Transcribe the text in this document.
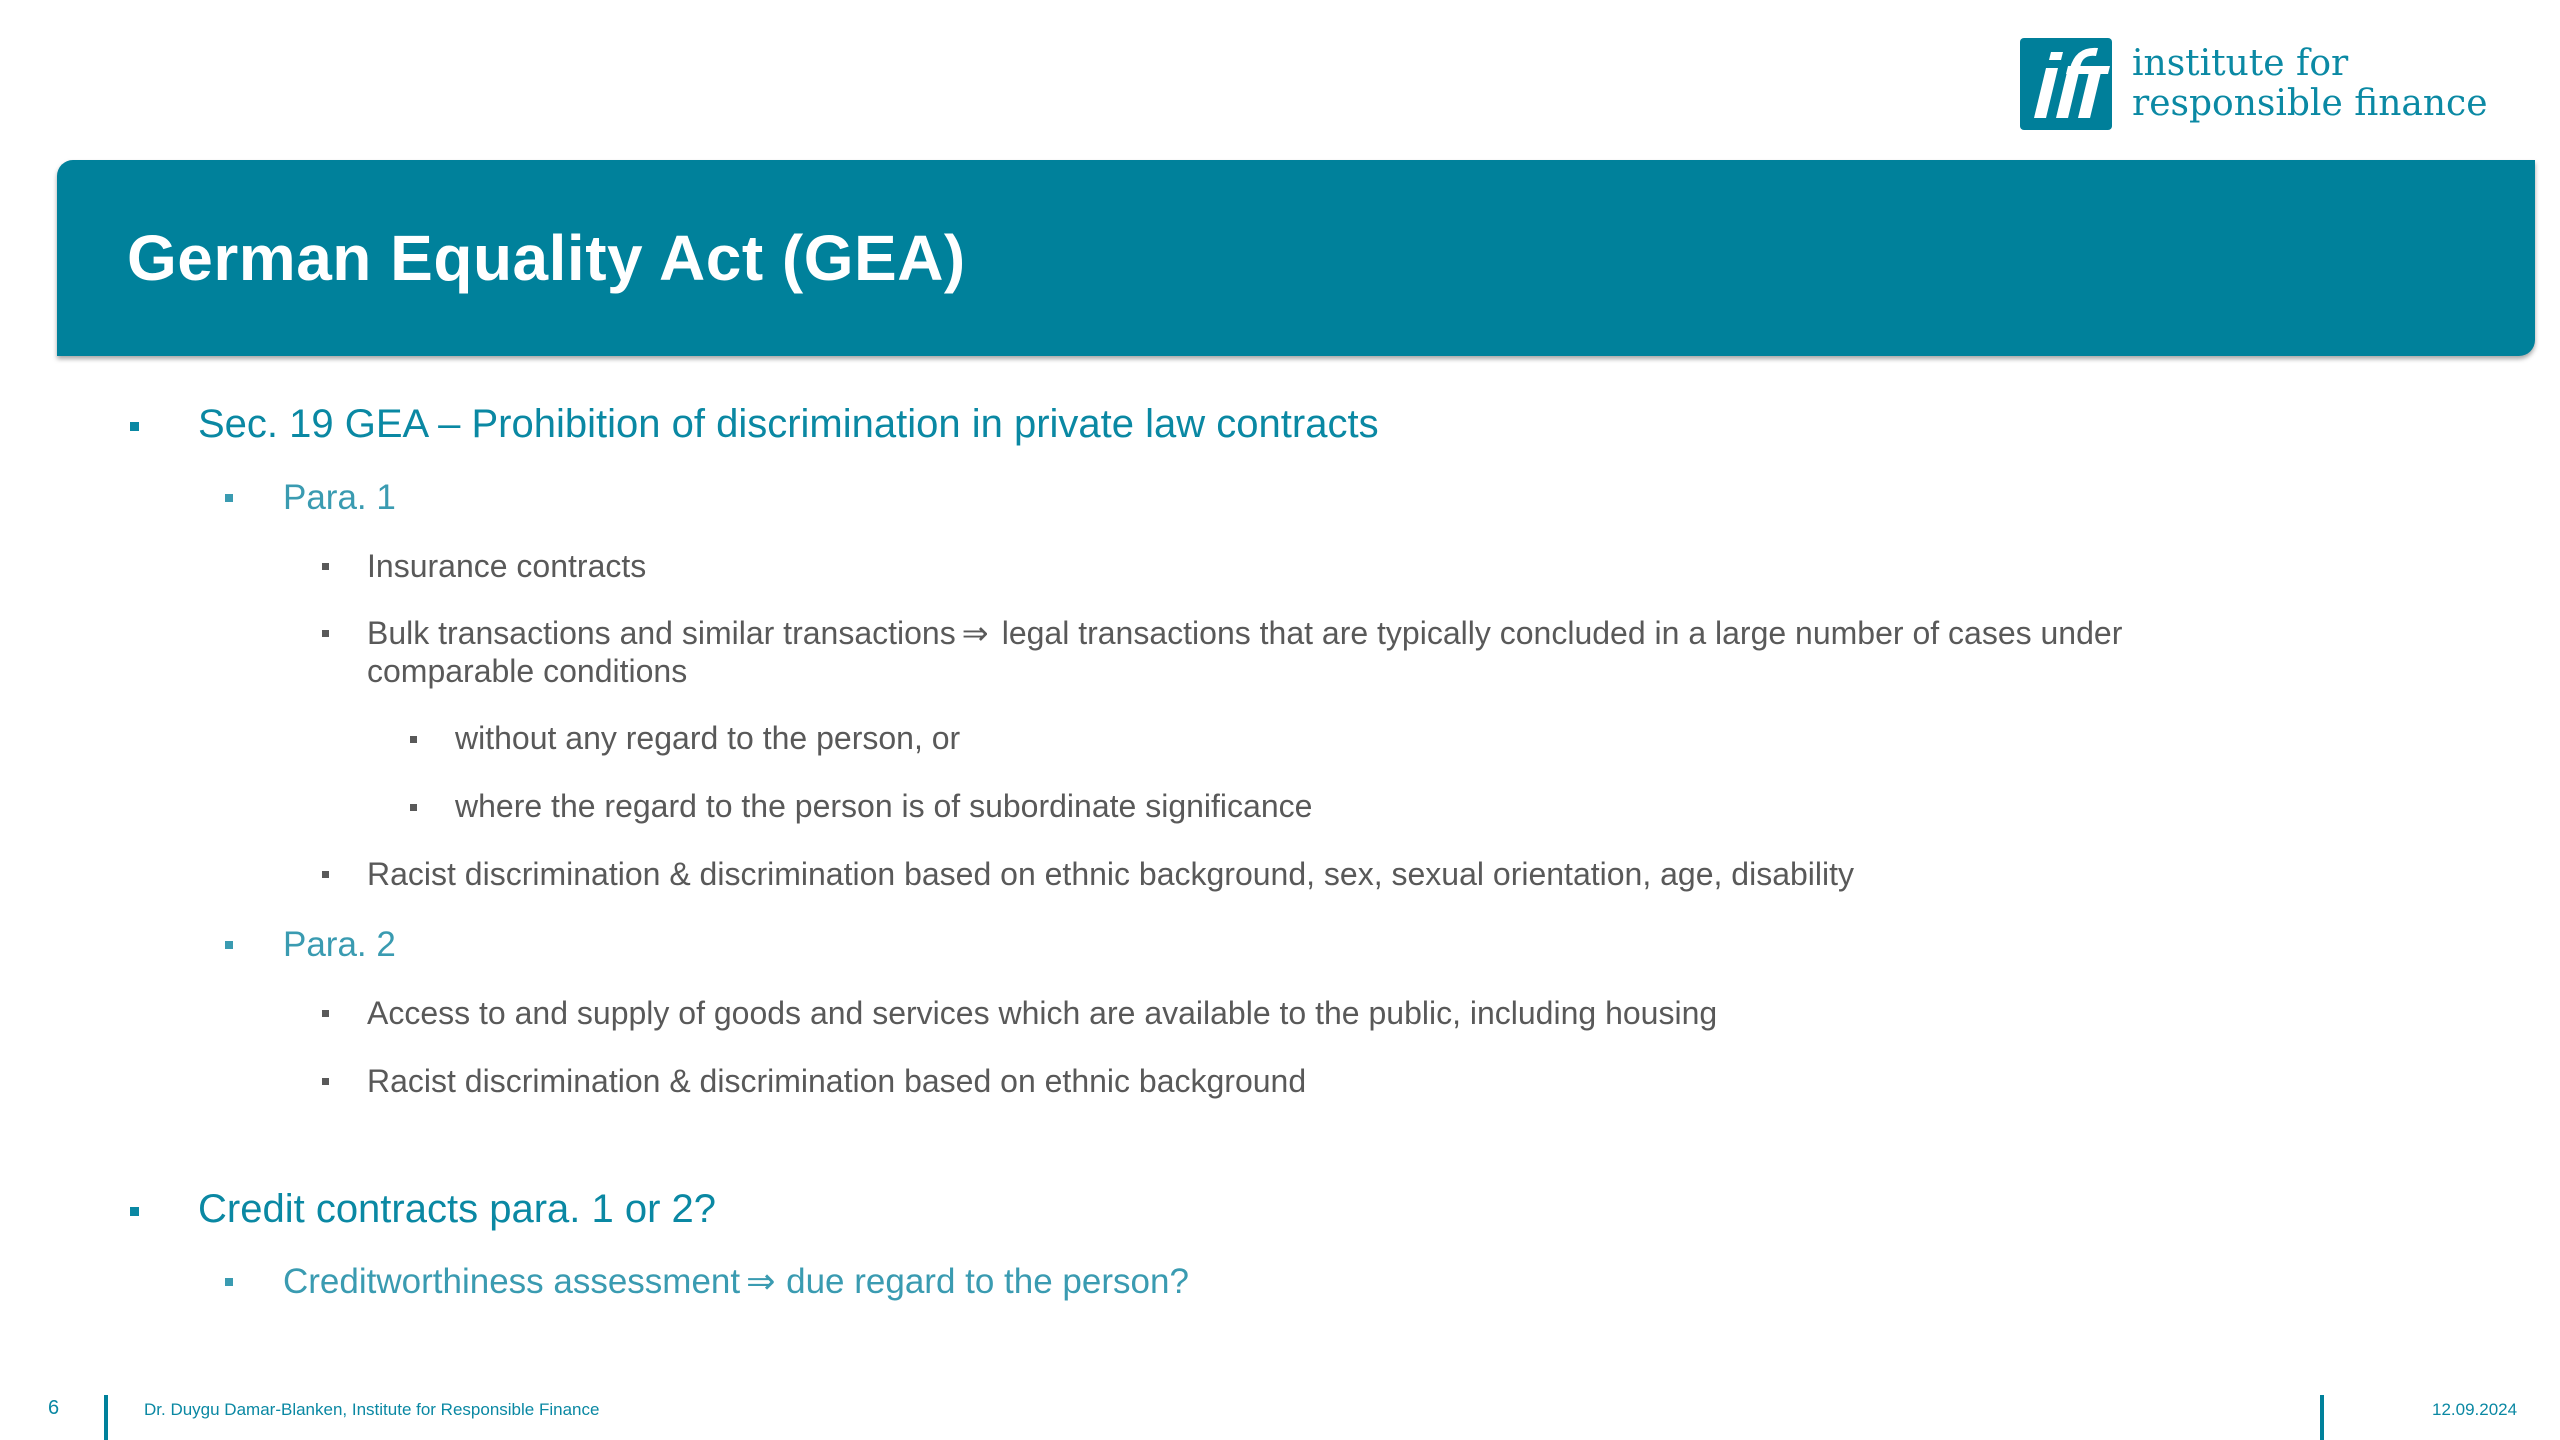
institute for
responsible finance
German Equality Act (GEA)
Sec. 19 GEA – Prohibition of discrimination in private law contracts
Para. 1
Insurance contracts
Bulk transactions and similar transactions ⇒ legal transactions that are typically concluded in a large number of cases under comparable conditions
without any regard to the person, or
where the regard to the person is of subordinate significance
Racist discrimination & discrimination based on ethnic background, sex, sexual orientation, age, disability
Para. 2
Access to and supply of goods and services which are available to the public, including housing
Racist discrimination & discrimination based on ethnic background
Credit contracts para. 1 or 2?
Creditworthiness assessment ⇒ due regard to the person?
6	Dr. Duygu Damar-Blanken, Institute for Responsible Finance	12.09.2024
